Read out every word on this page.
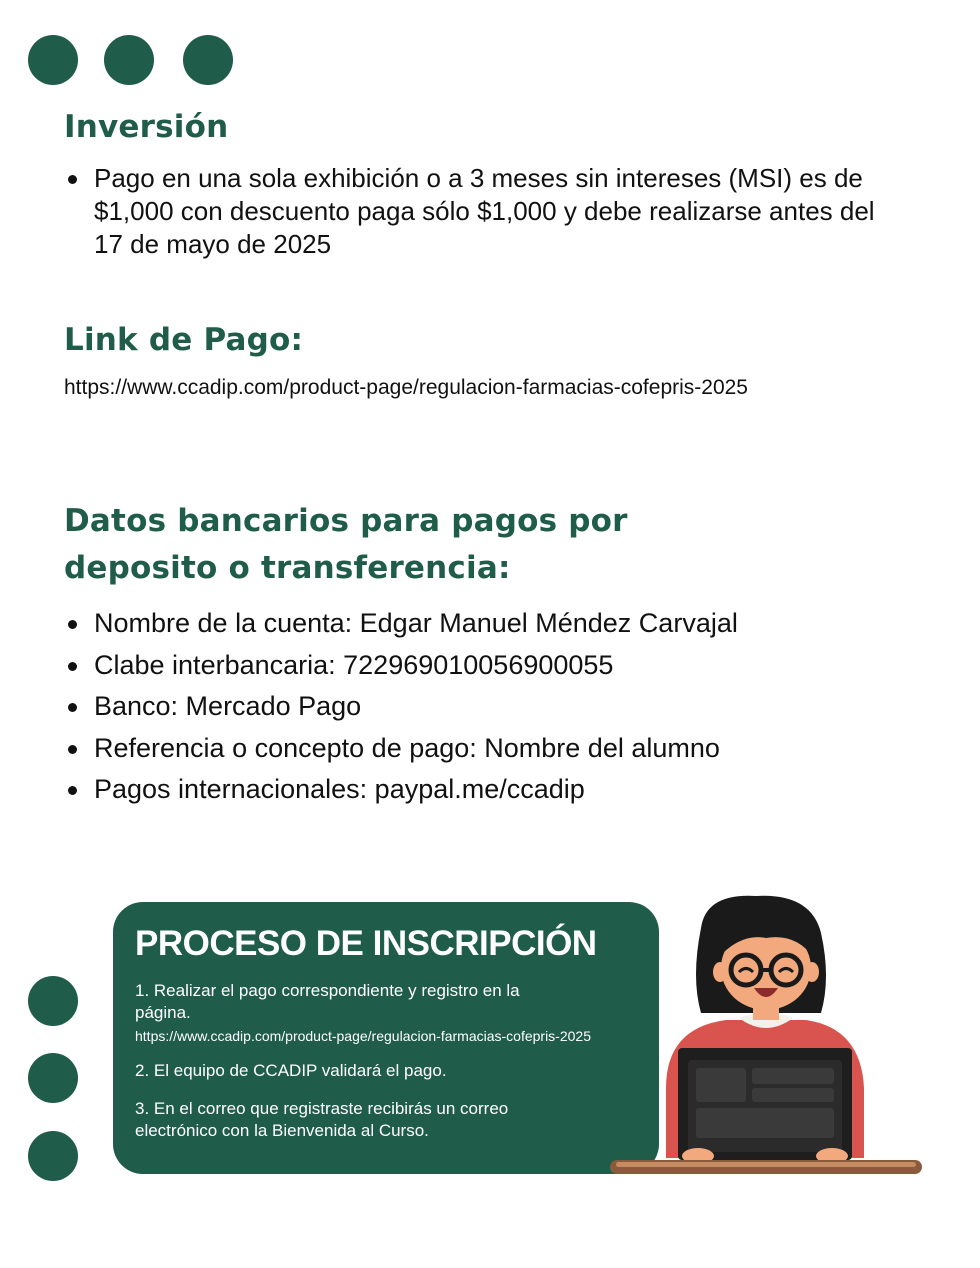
Inversión
Pago en una sola exhibición o a 3 meses sin intereses (MSI) es de $1,000 con descuento paga sólo $1,000 y debe realizarse antes del 17 de mayo de 2025
Link de Pago:
https://www.ccadip.com/product-page/regulacion-farmacias-cofepris-2025
Datos bancarios para pagos por
deposito o transferencia:
Nombre de la cuenta: Edgar Manuel Méndez Carvajal
Clabe interbancaria: 722969010056900055
Banco: Mercado Pago
Referencia o concepto de pago: Nombre del alumno
Pagos internacionales: paypal.me/ccadip
PROCESO DE INSCRIPCIÓN
1. Realizar el pago correspondiente y registro en la página.
https://www.ccadip.com/product-page/regulacion-farmacias-cofepris-2025
2. El equipo de CCADIP validará el pago.
3. En el correo que registraste recibirás un correo electrónico con la Bienvenida al Curso.
